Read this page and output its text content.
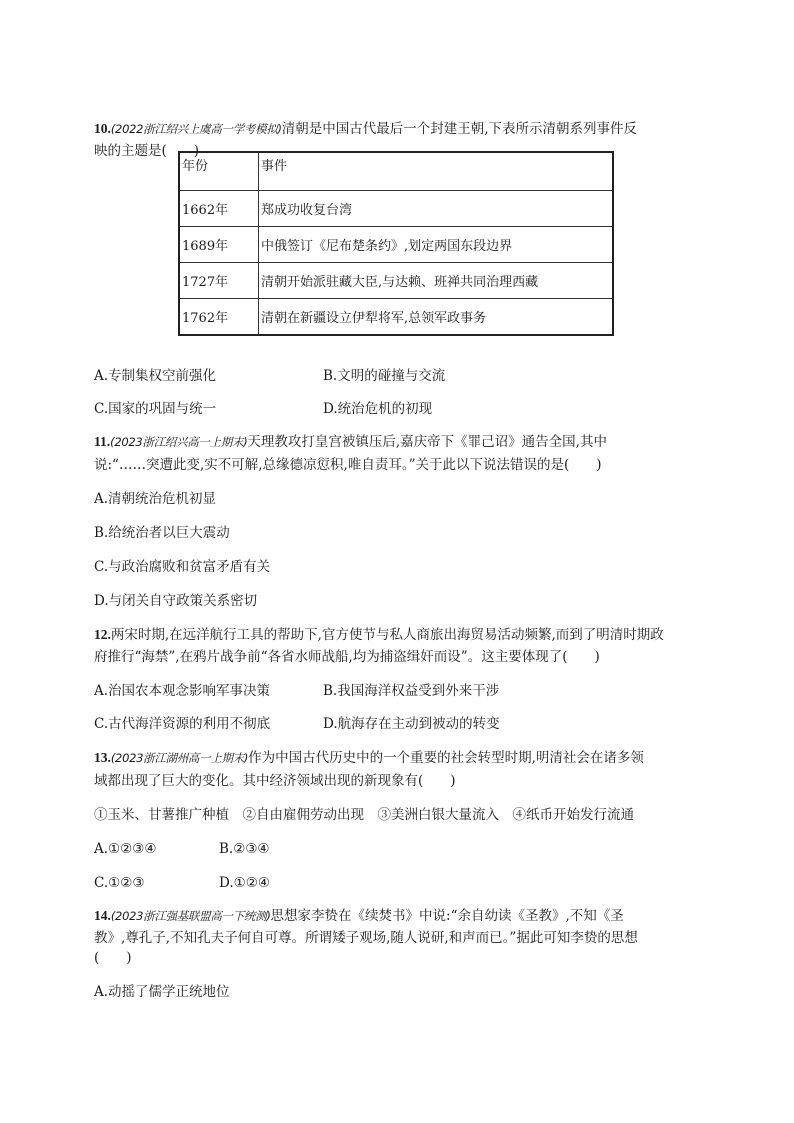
10.(2022浙江绍兴上虞高一学考模拟)清朝是中国古代最后一个封建王朝,下表所示清朝系列事件反
映的主题是(　　)
年份	事件
1662年	郑成功收复台湾
1689年	中俄签订《尼布楚条约》,划定两国东段边界
1727年	清朝开始派驻藏大臣,与达赖、班禅共同治理西藏
1762年	清朝在新疆设立伊犁将军,总领军政事务
A.专制集权空前强化	B.文明的碰撞与交流
C.国家的巩固与统一	D.统治危机的初现
11.(2023浙江绍兴高一上期末)天理教攻打皇宫被镇压后,嘉庆帝下《罪己诏》通告全国,其中
说:“……突遭此变,实不可解,总缘德凉愆积,唯自责耳。”关于此以下说法错误的是(　　)
A.清朝统治危机初显
B.给统治者以巨大震动
C.与政治腐败和贫富矛盾有关
D.与闭关自守政策关系密切
12.两宋时期,在远洋航行工具的帮助下,官方使节与私人商旅出海贸易活动频繁,而到了明清时期政
府推行“海禁”,在鸦片战争前“各省水师战船,均为捕盗缉奸而设”。这主要体现了(　　)
A.治国农本观念影响军事决策	B.我国海洋权益受到外来干涉
C.古代海洋资源的利用不彻底	D.航海存在主动到被动的转变
13.(2023浙江湖州高一上期末)作为中国古代历史中的一个重要的社会转型时期,明清社会在诸多领
域都出现了巨大的变化。其中经济领域出现的新现象有(　　)
①玉米、甘薯推广种植　②自由雇佣劳动出现　③美洲白银大量流入　④纸币开始发行流通
A.①②③④	B.②③④
C.①②③	D.①②④
14.(2023浙江强基联盟高一下统测)思想家李贽在《续焚书》中说:“余自幼读《圣教》,不知《圣
教》,尊孔子,不知孔夫子何自可尊。所谓矮子观场,随人说研,和声而已。”据此可知李贽的思想
(　　)
A.动摇了儒学正统地位
